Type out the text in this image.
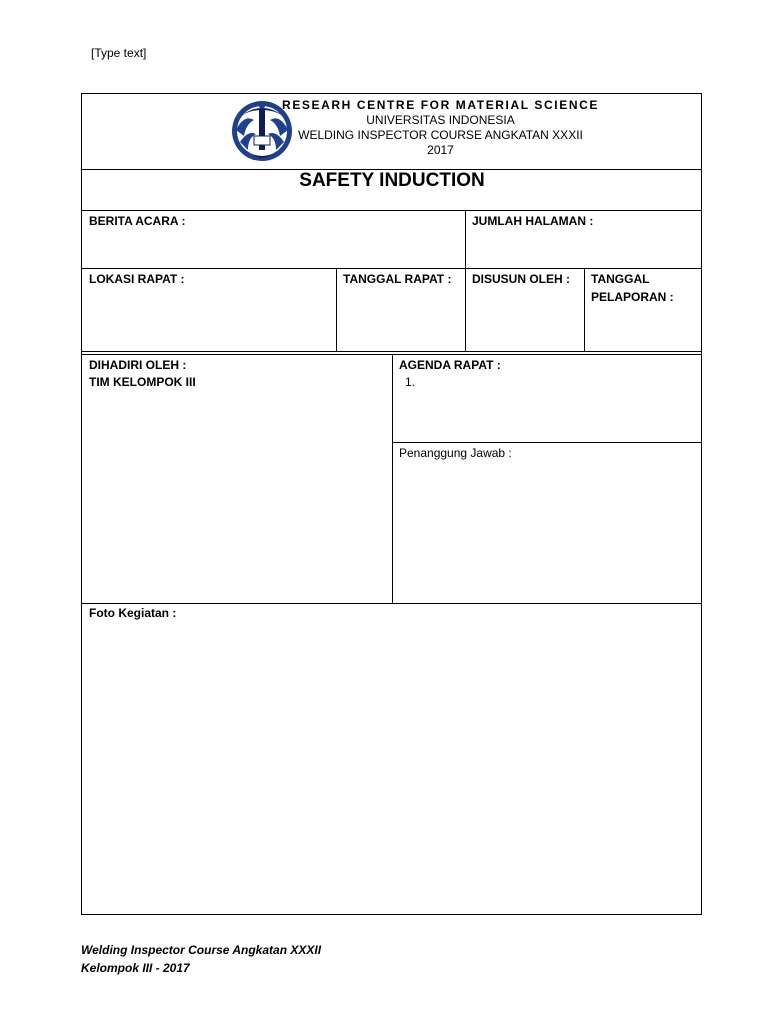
[Type text]
RESEARH CENTRE FOR MATERIAL SCIENCE
UNIVERSITAS INDONESIA
WELDING INSPECTOR COURSE ANGKATAN XXXII
2017
SAFETY INDUCTION
BERITA ACARA :	JUMLAH HALAMAN :
LOKASI RAPAT :	TANGGAL RAPAT : DISUSUN OLEH : TANGGAL
PELAPORAN :
DIHADIRI OLEH :
TIM KELOMPOK III
AGENDA RAPAT :
1.
Penanggung Jawab :
Foto Kegiatan :
Welding Inspector Course Angkatan XXXII
Kelompok III - 2017
